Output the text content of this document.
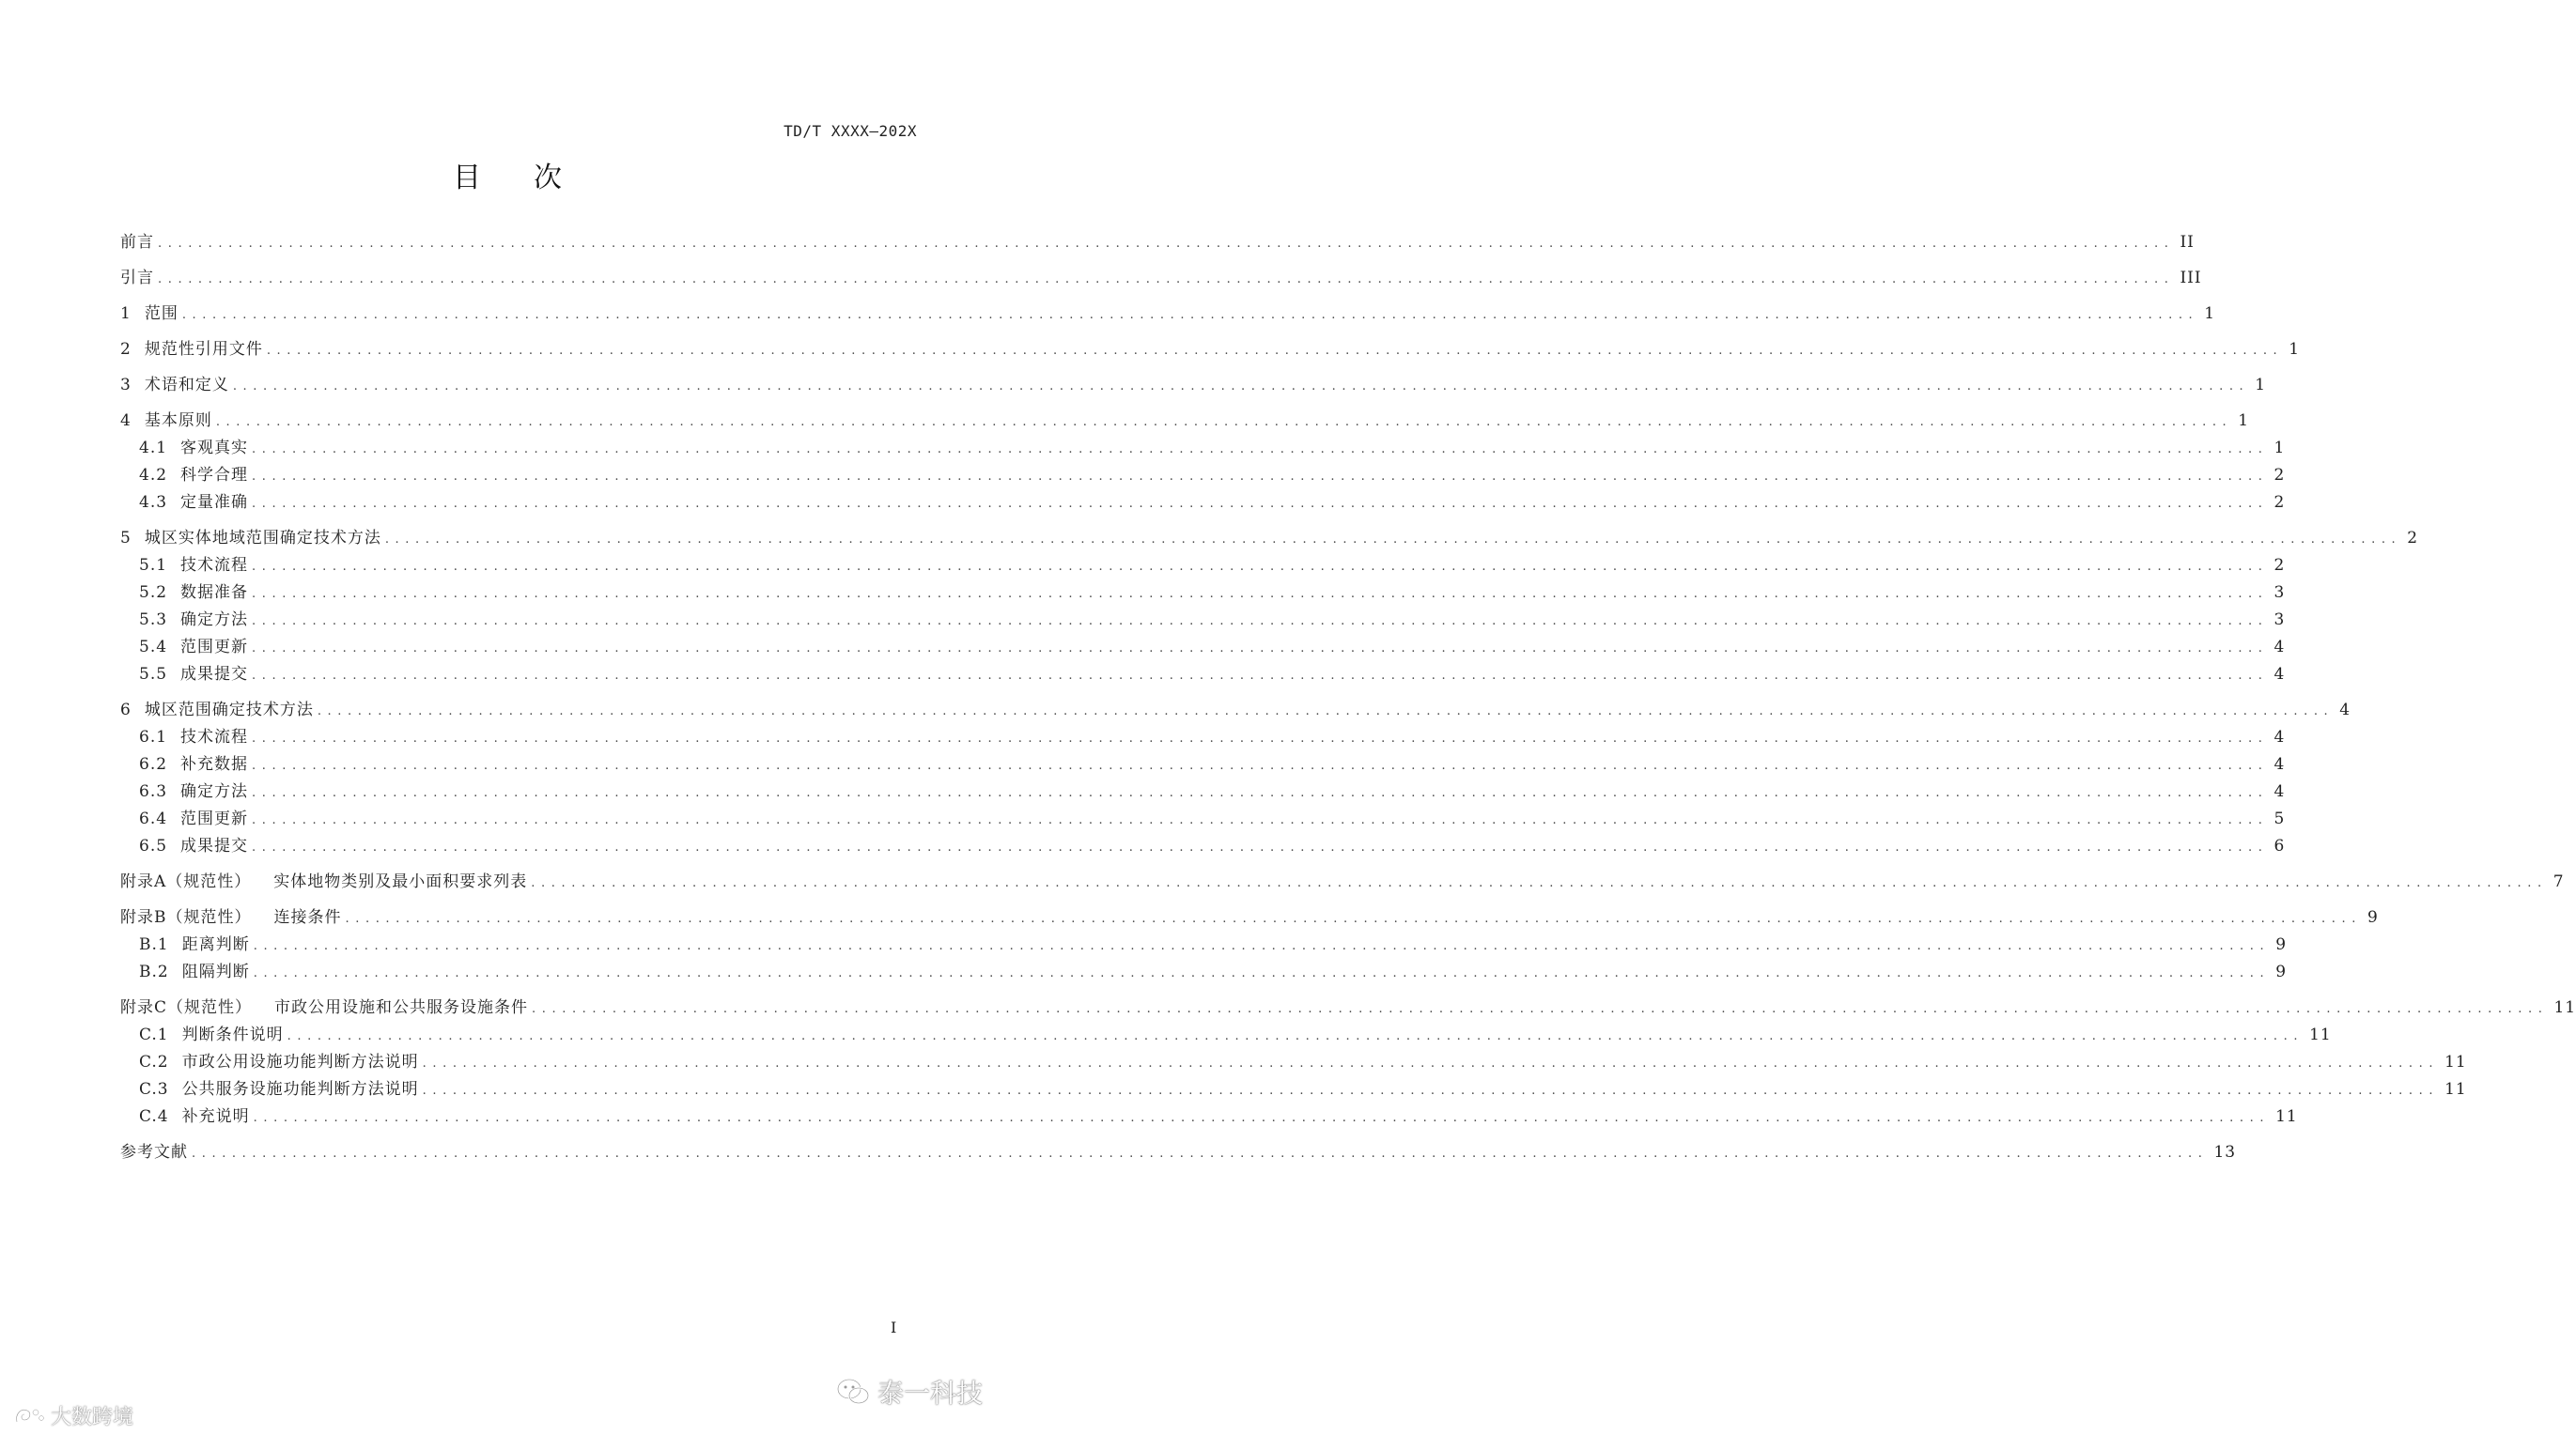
TD/T XXXX—202X
目次
前言 ........................................................................................................................................................................................................ II
引言 ........................................................................................................................................................................................................ III
1 范围 ........................................................................................................................................................................................................ 1
2 规范性引用文件 ........................................................................................................................................................................................................ 1
3 术语和定义 ........................................................................................................................................................................................................ 1
4 基本原则 ........................................................................................................................................................................................................ 1
4.1 客观真实 ........................................................................................................................................................................................................ 1
4.2 科学合理 ........................................................................................................................................................................................................ 2
4.3 定量准确 ........................................................................................................................................................................................................ 2
5 城区实体地域范围确定技术方法 ........................................................................................................................................................................................................ 2
5.1 技术流程 ........................................................................................................................................................................................................ 2
5.2 数据准备 ........................................................................................................................................................................................................ 3
5.3 确定方法 ........................................................................................................................................................................................................ 3
5.4 范围更新 ........................................................................................................................................................................................................ 4
5.5 成果提交 ........................................................................................................................................................................................................ 4
6 城区范围确定技术方法 ........................................................................................................................................................................................................ 4
6.1 技术流程 ........................................................................................................................................................................................................ 4
6.2 补充数据 ........................................................................................................................................................................................................ 4
6.3 确定方法 ........................................................................................................................................................................................................ 4
6.4 范围更新 ........................................................................................................................................................................................................ 5
6.5 成果提交 ........................................................................................................................................................................................................ 6
附录A（规范性） 实体地物类别及最小面积要求列表 ........................................................................................................................................................................................................ 7
附录B（规范性） 连接条件 ........................................................................................................................................................................................................ 9
B.1 距离判断 ........................................................................................................................................................................................................ 9
B.2 阻隔判断 ........................................................................................................................................................................................................ 9
附录C（规范性） 市政公用设施和公共服务设施条件 ........................................................................................................................................................................................................ 11
C.1 判断条件说明 ........................................................................................................................................................................................................ 11
C.2 市政公用设施功能判断方法说明 ........................................................................................................................................................................................................ 11
C.3 公共服务设施功能判断方法说明 ........................................................................................................................................................................................................ 11
C.4 补充说明 ........................................................................................................................................................................................................ 11
参考文献 ........................................................................................................................................................................................................ 13
I
大数跨境
泰一科技
